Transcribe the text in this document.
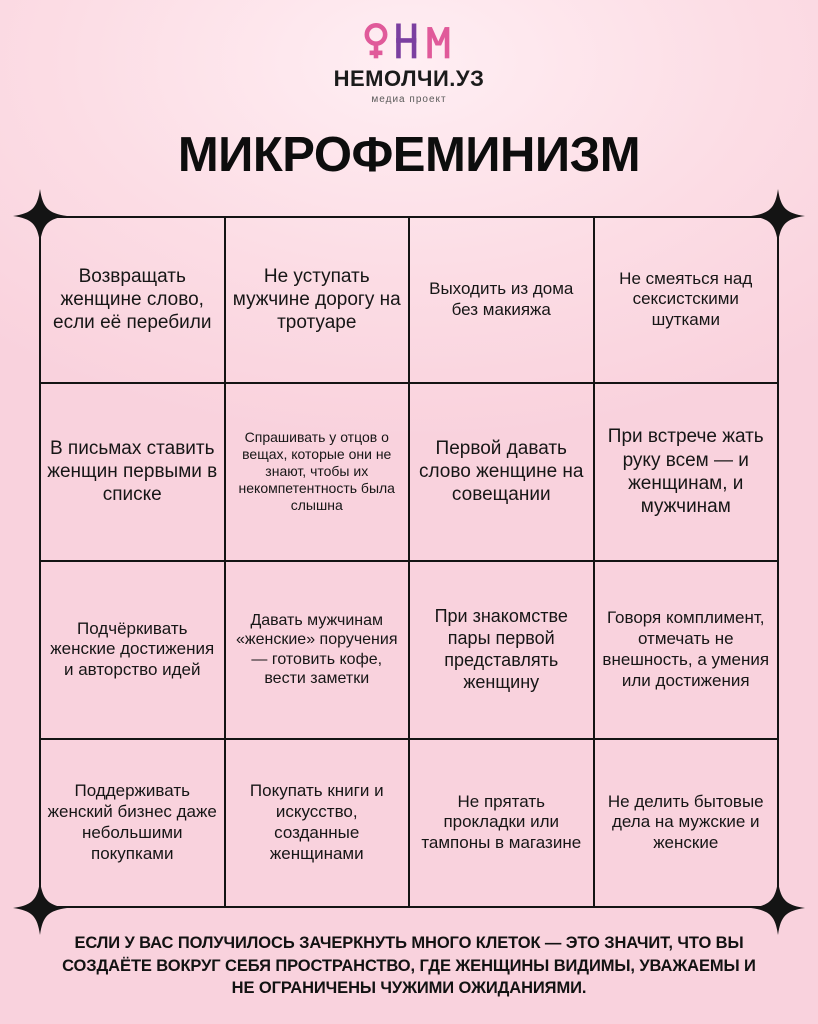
НЕМОЛЧИ.УЗ
медиа проект
МИКРОФЕМИНИЗМ
Возвращать женщине слово, если её перебили	Не уступать мужчине дорогу на тротуаре	Выходить из дома без макияжа	Не смеяться над сексистскими шутками
В письмах ставить женщин первыми в списке	Спрашивать у отцов о вещах, которые они не знают, чтобы их некомпетентность была слышна	Первой давать слово женщине на совещании	При встрече жать руку всем — и женщинам, и мужчинам
Подчёркивать женские достижения и авторство идей	Давать мужчинам «женские» поручения — готовить кофе, вести заметки	При знакомстве пары первой представлять женщину	Говоря комплимент, отмечать не внешность, а умения или достижения
Поддерживать женский бизнес даже небольшими покупками	Покупать книги и искусство, созданные женщинами	Не прятать прокладки или тампоны в магазине	Не делить бытовые дела на мужские и женские
ЕСЛИ У ВАС ПОЛУЧИЛОСЬ ЗАЧЕРКНУТЬ МНОГО КЛЕТОК — ЭТО ЗНАЧИТ, ЧТО ВЫ СОЗДАЁТЕ ВОКРУГ СЕБЯ ПРОСТРАНСТВО, ГДЕ ЖЕНЩИНЫ ВИДИМЫ, УВАЖАЕМЫ И НЕ ОГРАНИЧЕНЫ ЧУЖИМИ ОЖИДАНИЯМИ.
